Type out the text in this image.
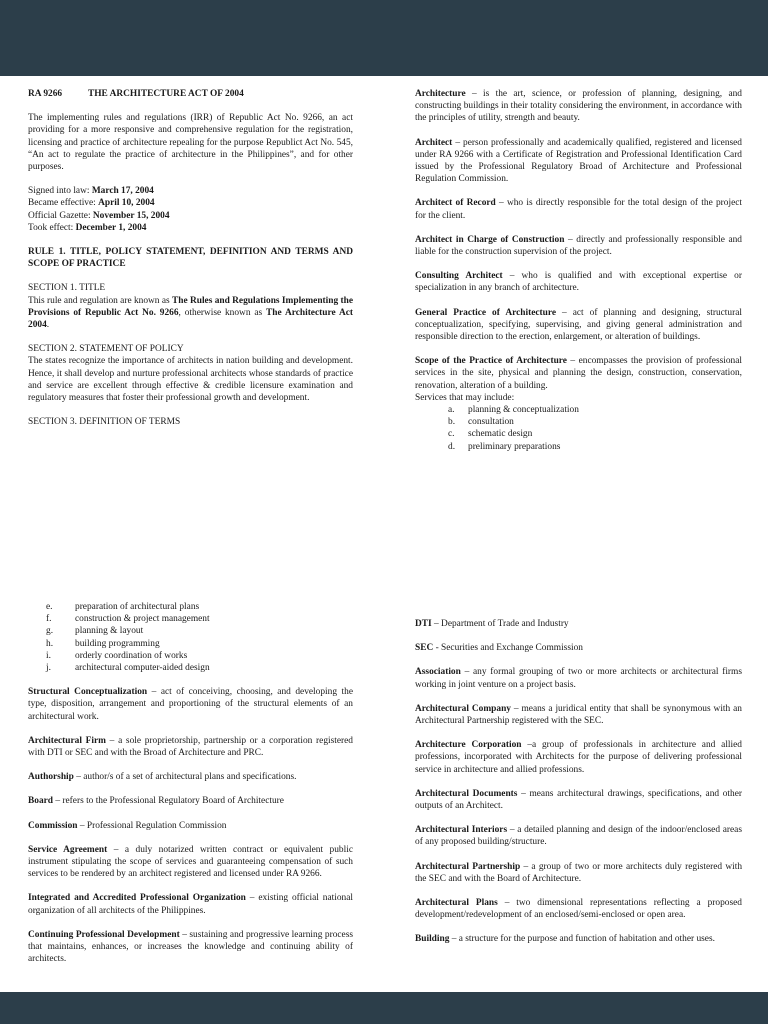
RA 9266	THE ARCHITECTURE ACT OF 2004
The implementing rules and regulations (IRR) of Republic Act No. 9266, an act providing for a more responsive and comprehensive regulation for the registration, licensing and practice of architecture repealing for the purpose Republict Act No. 545, “An act to regulate the practice of architecture in the Philippines”, and for other purposes.
Signed into law: March 17, 2004
Became effective: April 10, 2004
Official Gazette: November 15, 2004
Took effect: December 1, 2004
RULE 1. TITLE, POLICY STATEMENT, DEFINITION AND TERMS AND SCOPE OF PRACTICE
SECTION 1. TITLE
This rule and regulation are known as The Rules and Regulations Implementing the Provisions of Republic Act No. 9266, otherwise known as The Architecture Act 2004.
SECTION 2. STATEMENT OF POLICY
The states recognize the importance of architects in nation building and development. Hence, it shall develop and nurture professional architects whose standards of practice and service are excellent through effective & credible licensure examination and regulatory measures that foster their professional growth and development.
SECTION 3. DEFINITION OF TERMS
Architecture – is the art, science, or profession of planning, designing, and constructing buildings in their totality considering the environment, in accordance with the principles of utility, strength and beauty.
Architect – person professionally and academically qualified, registered and licensed under RA 9266 with a Certificate of Registration and Professional Identification Card issued by the Professional Regulatory Broad of Architecture and Professional Regulation Commission.
Architect of Record – who is directly responsible for the total design of the project for the client.
Architect in Charge of Construction – directly and professionally responsible and liable for the construction supervision of the project.
Consulting Architect – who is qualified and with exceptional expertise or specialization in any branch of architecture.
General Practice of Architecture – act of planning and designing, structural conceptualization, specifying, supervising, and giving general administration and responsible direction to the erection, enlargement, or alteration of buildings.
Scope of the Practice of Architecture – encompasses the provision of professional services in the site, physical and planning the design, construction, conservation, renovation, alteration of a building.
Services that may include:
a.	planning & conceptualization
b.	consultation
c.	schematic design
d.	preliminary preparations
e.	preparation of architectural plans
f.	construction & project management
g.	planning & layout
h.	building programming
i.	orderly coordination of works
j.	architectural computer-aided design
Structural Conceptualization – act of conceiving, choosing, and developing the type, disposition, arrangement and proportioning of the structural elements of an architectural work.
Architectural Firm – a sole proprietorship, partnership or a corporation registered with DTI or SEC and with the Broad of Architecture and PRC.
Authorship – author/s of a set of architectural plans and specifications.
Board – refers to the Professional Regulatory Board of Architecture
Commission – Professional Regulation Commission
Service Agreement – a duly notarized written contract or equivalent public instrument stipulating the scope of services and guaranteeing compensation of such services to be rendered by an architect registered and licensed under RA 9266.
Integrated and Accredited Professional Organization – existing official national organization of all architects of the Philippines.
Continuing Professional Development – sustaining and progressive learning process that maintains, enhances, or increases the knowledge and continuing ability of architects.
DTI – Department of Trade and Industry
SEC - Securities and Exchange Commission
Association – any formal grouping of two or more architects or architectural firms working in joint venture on a project basis.
Architectural Company – means a juridical entity that shall be synonymous with an Architectural Partnership registered with the SEC.
Architecture Corporation –a group of professionals in architecture and allied professions, incorporated with Architects for the purpose of delivering professional service in architecture and allied professions.
Architectural Documents – means architectural drawings, specifications, and other outputs of an Architect.
Architectural Interiors – a detailed planning and design of the indoor/enclosed areas of any proposed building/structure.
Architectural Partnership – a group of two or more architects duly registered with the SEC and with the Board of Architecture.
Architectural Plans – two dimensional representations reflecting a proposed development/redevelopment of an enclosed/semi-enclosed or open area.
Building – a structure for the purpose and function of habitation and other uses.
